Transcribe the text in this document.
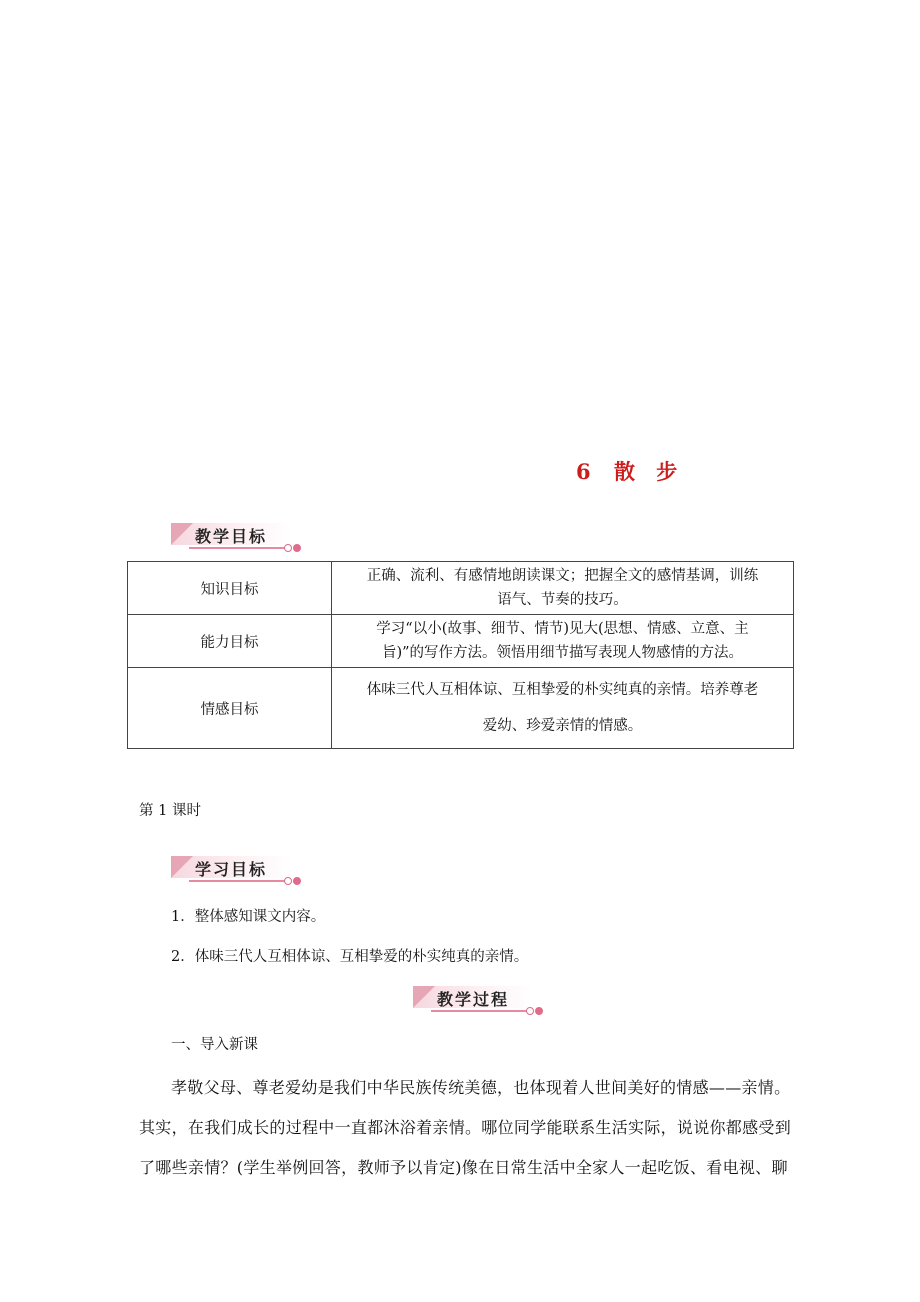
6 散 步
教学目标
知识目标	正确、流利、有感情地朗读课文；把握全文的感情基调，训练
语气、节奏的技巧。

能力目标	学习“以小(故事、细节、情节)见大(思想、情感、立意、主
旨)”的写作方法。领悟用细节描写表现人物感情的方法。

情感目标	体味三代人互相体谅、互相挚爱的朴实纯真的亲情。培养尊老
爱幼、珍爱亲情的情感。
第 1 课时
学习目标
1．整体感知课文内容。
2．体味三代人互相体谅、互相挚爱的朴实纯真的亲情。
教学过程
一、导入新课
孝敬父母、尊老爱幼是我们中华民族传统美德，也体现着人世间美好的情感——亲情。
其实，在我们成长的过程中一直都沐浴着亲情。哪位同学能联系生活实际，说说你都感受到
了哪些亲情？(学生举例回答，教师予以肯定)像在日常生活中全家人一起吃饭、看电视、聊
